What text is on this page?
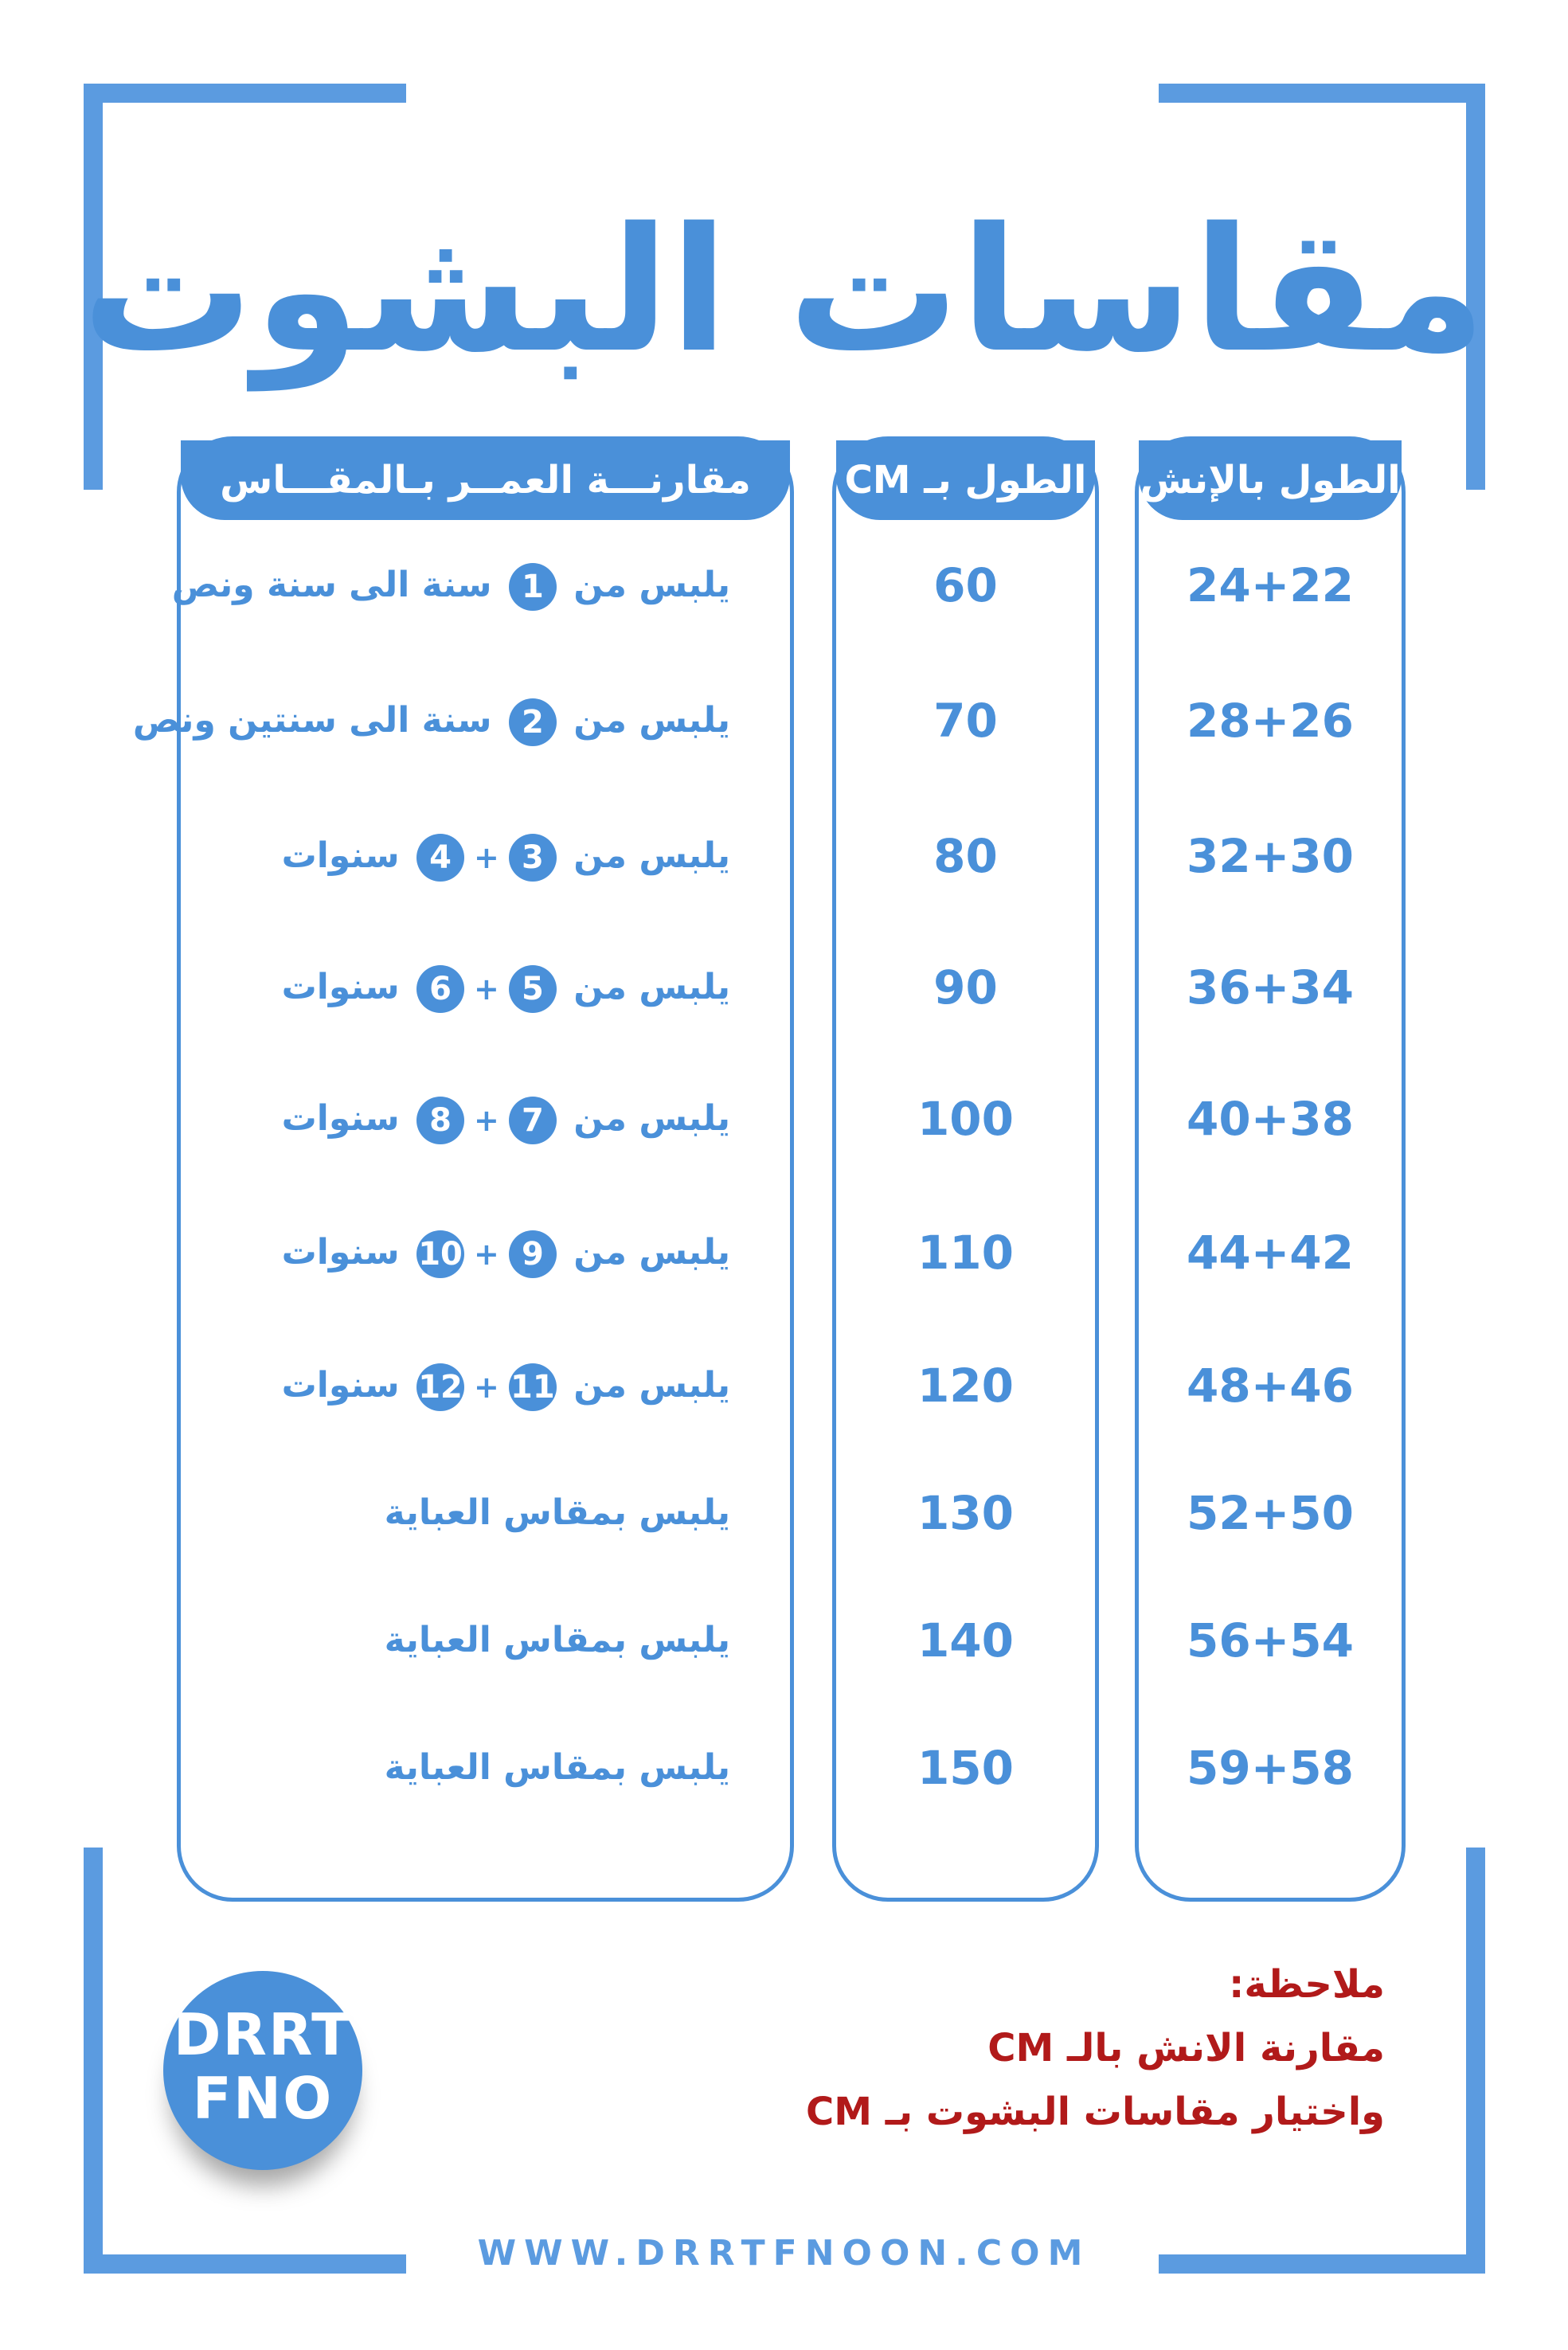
مقاسات البشوت
الطول بالإنش
24+22
28+26
32+30
36+34
40+38
44+42
48+46
52+50
56+54
59+58
الطول بـ CM
60
70
80
90
100
110
120
130
140
150
مقارنـــة العمــر بـالمقـــاس
يلبس من 1 سنة الى سنة ونص
يلبس من 2 سنة الى سنتين ونص
يلبس من 3+4 سنوات
يلبس من 5+6 سنوات
يلبس من 7+8 سنوات
يلبس من 9+10 سنوات
يلبس من 11+12 سنوات
يلبس بمقاس العباية
يلبس بمقاس العباية
يلبس بمقاس العباية
ملاحظة:
مقارنة الانش بالـ CM
واختيار مقاسات البشوت بـ CM
DRRT
FNO
WWW.DRRTFNOON.COM
